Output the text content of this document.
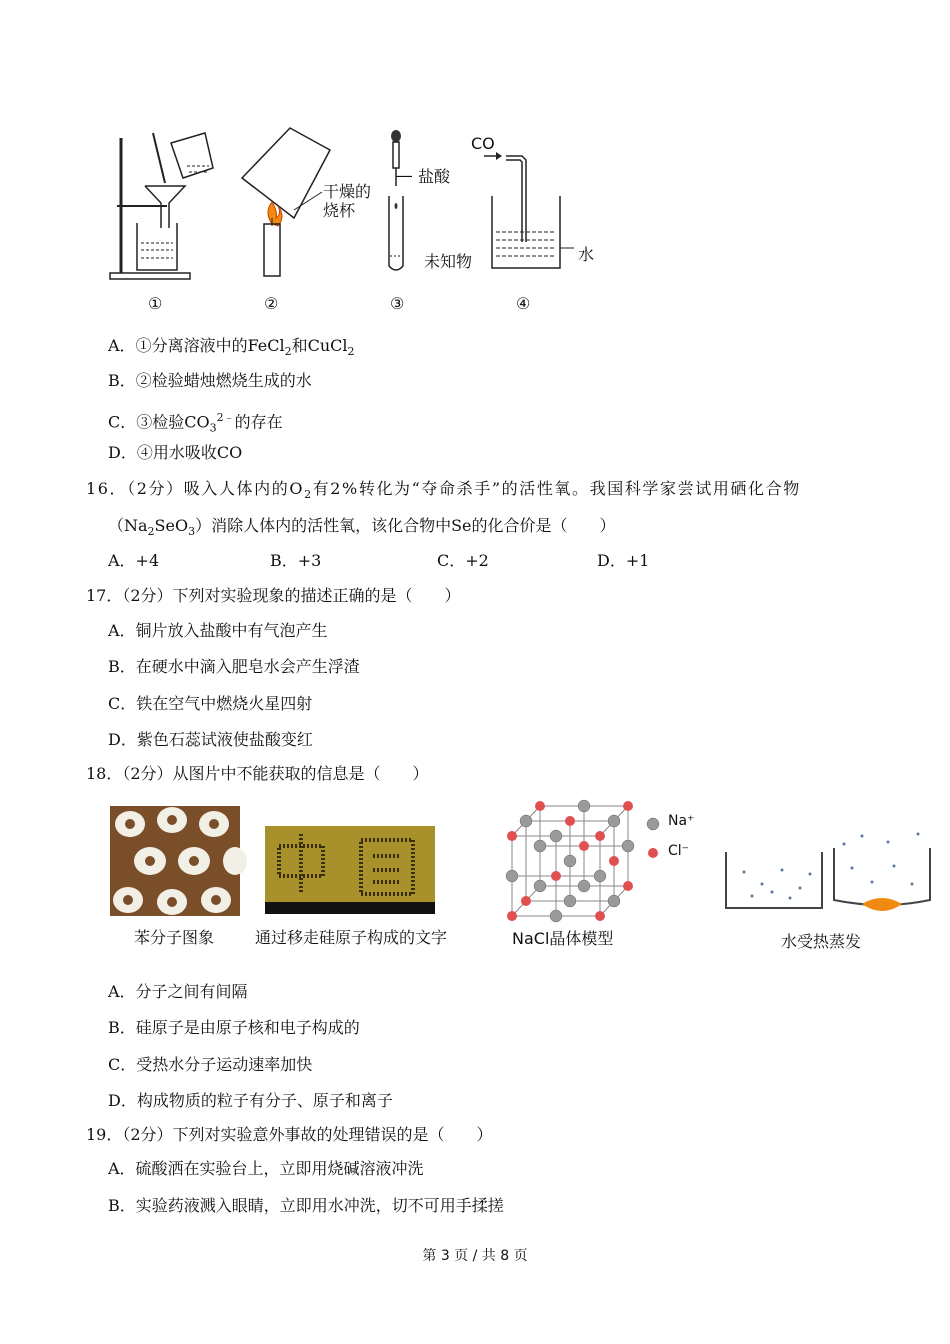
干燥的
烧杯
― 盐酸
未知物
CO
水
①	②	③	④
A．①分离溶液中的FeCl$_2$和CuCl$_2$
B．②检验蜡烛燃烧生成的水
C．③检验$CO_3^{2﹣}$的存在
D．④用水吸收CO
16．（2分）吸入人体内的$O_2$有2%转化为“夺命杀手”的活性氧。我国科学家尝试用硒化合物
$(Na_2SeO_3)$消除人体内的活性氧，该化合物中Se的化合价是（　　）
A．+4	B．+3	C．+2	D．+1
17．（2分）下列对实验现象的描述正确的是（　　）
A．铜片放入盐酸中有气泡产生
B．在硬水中滴入肥皂水会产生浮渣
C．铁在空气中燃烧火星四射
D．紫色石蕊试液使盐酸变红
18．（2分）从图片中不能获取的信息是（　　）
Na⁺
Cl⁻
苯分子图象	通过移走硅原子构成的文字	NaCl晶体模型	水受热蒸发
A．分子之间有间隔
B．硅原子是由原子核和电子构成的
C．受热水分子运动速率加快
D．构成物质的粒子有分子、原子和离子
19．（2分）下列对实验意外事故的处理错误的是（　　）
A．硫酸洒在实验台上，立即用烧碱溶液冲洗
B．实验药液溅入眼睛，立即用水冲洗，切不可用手揉搓
第 3 页 / 共 8 页
